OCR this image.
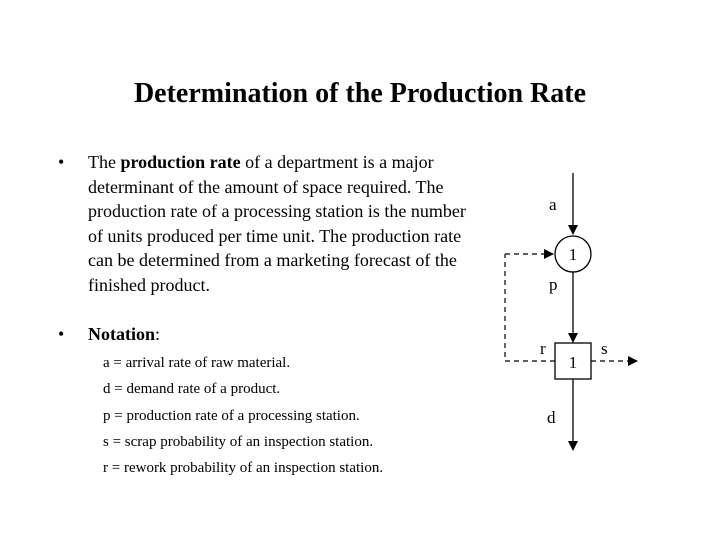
Determination of the Production Rate
• The production rate of a department is a major determinant of the amount of space required. The production rate of a processing station is the number of units produced per time unit. The production rate can be determined from a marketing forecast of the finished product.
• Notation:
a = arrival rate of raw material.
d = demand rate of a product.
p = production rate of a processing station.
s = scrap probability of an inspection station.
r = rework probability of an inspection station.
a
1
p
1
r	s
d
